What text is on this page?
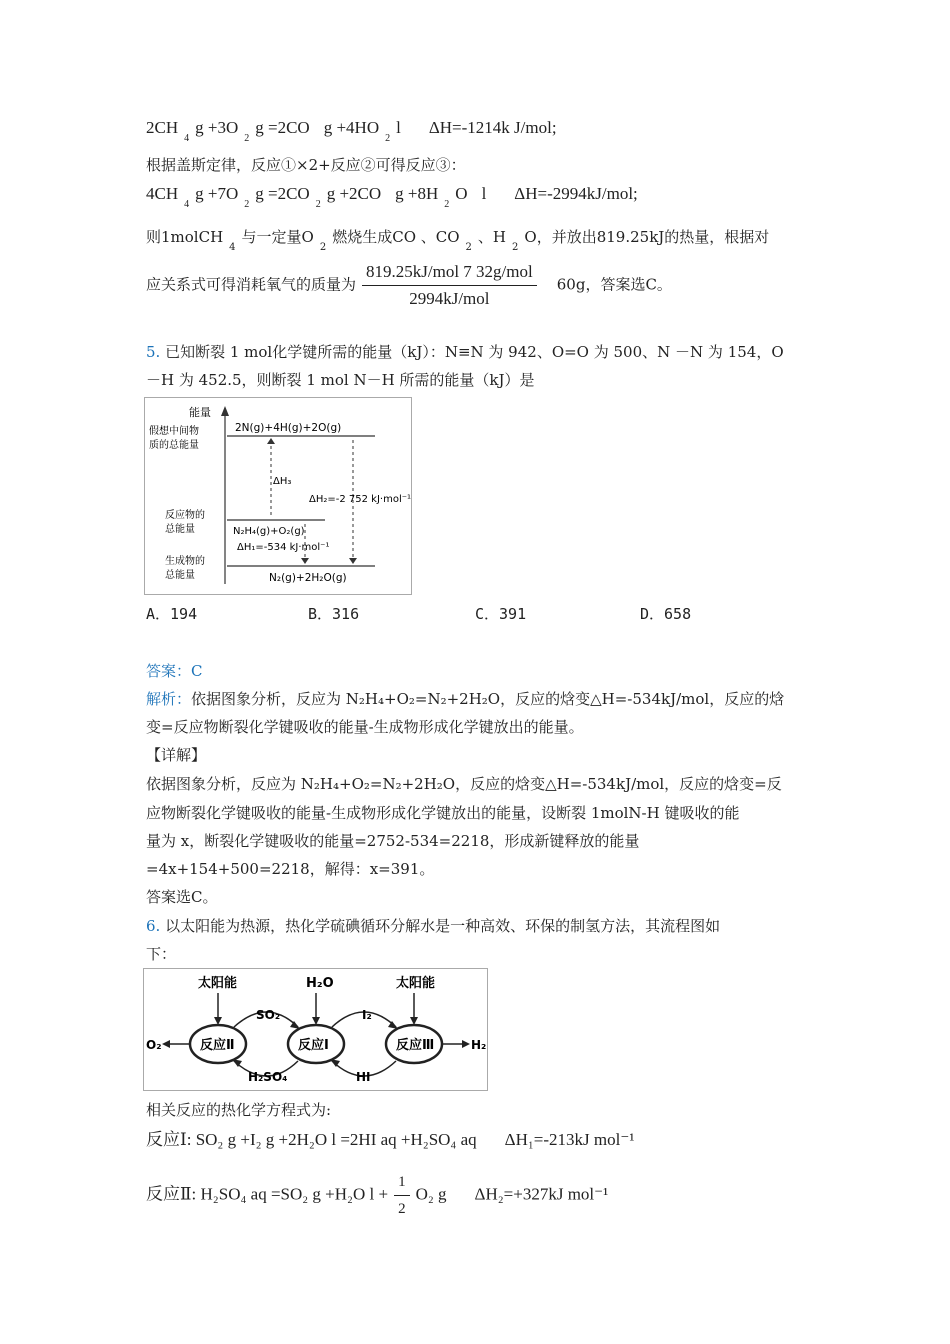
$2CH_4g +3O_2g =2CO$ $g +4HO_2l$ ΔH=-1214k J/mol;
根据盖斯定律，反应①×2+反应②可得反应③：
$4CH_4g +7O_2g =2CO_2g +2CO$ $g +8H_2O$ l ΔH=-2994kJ/mol;
则1molCH$_4$与一定量$O_2$燃烧生成CO 、$CO_2$、$H_2O$，并放出819.25kJ的热量，根据对
应关系式可得消耗氧气的质量为 $\frac{\text{819.25kJ/mol 7 32g/mol}}{\text{2994kJ/mol}} 60g$，答案选C。
5. 已知断裂 1 mol化学键所需的能量（kJ）：N≡N 为 942、O=O 为 500、N －N 为 154，O
－H 为 452.5，则断裂 1 mol N－H 所需的能量（kJ）是
能量
假想中间物
质的总能量
2N(g)+4H(g)+2O(g)
ΔH₃
ΔH₂=-2 752 kJ·mol⁻¹
反应物的
总能量	N₂H₄(g)+O₂(g)
ΔH₁=-534 kJ·mol⁻¹
生成物的
总能量	N₂(g)+2H₂O(g)
A．194	B．316	C．391	D．658
答案：C
解析：依据图象分析，反应为 N₂H₄+O₂=N₂+2H₂O，反应的焓变△H=-534kJ/mol，反应的焓
变=反应物断裂化学键吸收的能量-生成物形成化学键放出的能量。
【详解】
依据图象分析，反应为 N₂H₄+O₂=N₂+2H₂O，反应的焓变△H=-534kJ/mol，反应的焓变=反
应物断裂化学键吸收的能量-生成物形成化学键放出的能量，设断裂 1molN-H 键吸收的能
量为 x，断裂化学键吸收的能量=2752-534=2218，形成新键释放的能量
=4x+154+500=2218，解得：x=391。
答案选C。
6. 以太阳能为热源，热化学硫碘循环分解水是一种高效、环保的制氢方法，其流程图如
下：
太阳能	H₂O	太阳能
反应Ⅱ	反应Ⅰ	反应Ⅲ
O₂	H₂
SO₂	I₂
H₂SO₄	HI
相关反应的热化学方程式为:
反应Ⅰ: SO₂ g +I₂ g +2H₂O l =2HI aq +H₂SO₄ aq ΔH₁=-213kJ mol⁻¹
反应Ⅱ: H₂SO₄ aq =SO₂ g +H₂O $l + \frac{1}{2} O_2$ g ΔH₂=+327kJ mol⁻¹
